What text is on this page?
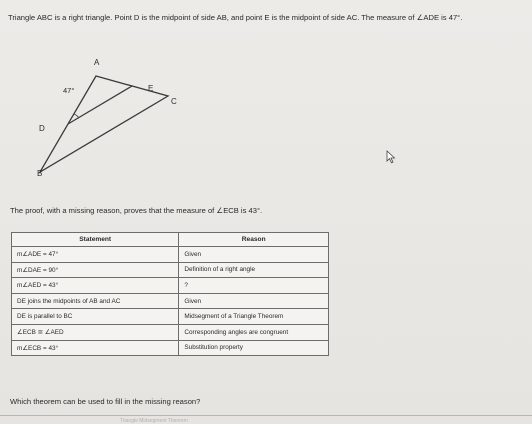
Triangle ABC is a right triangle. Point D is the midpoint of side AB, and point E is the midpoint of side AC. The measure of ∠ADE is 47°.
A
E
D
C
B
47°
The proof, with a missing reason, proves that the measure of ∠ECB is 43°.
Statement	Reason
m∠ADE = 47°	Given
m∠DAE = 90°	Definition of a right angle
m∠AED = 43°	?
DE joins the midpoints of AB and AC	Given
DE is parallel to BC	Midsegment of a Triangle Theorem
∠ECB ≅ ∠AED	Corresponding angles are congruent
m∠ECB = 43°	Substitution property
Which theorem can be used to fill in the missing reason?
Triangle Midsegment Theorem
